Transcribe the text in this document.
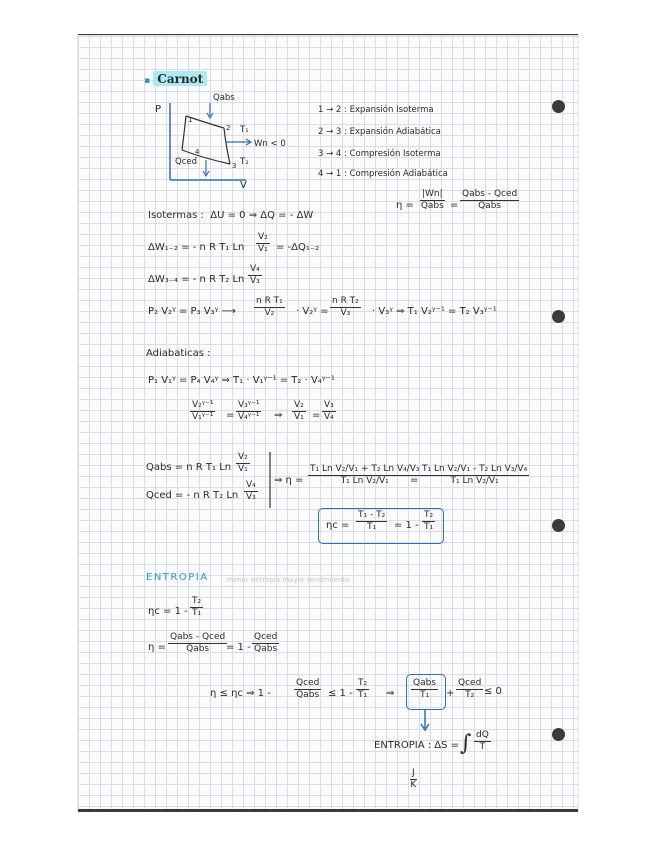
▪ Carnot
P
V
Qabs
Qced
T₁
T₂
Wn < 0
1
2
3
4
1 → 2 : Expansión Isoterma
2 → 3 : Expansión Adiabática
3 → 4 : Compresión Isoterma
4 → 1 : Compresión Adiabática
η =
|Wn|
Qabs =
Qabs - Qced
Qabs
Isotermas : ΔU = 0 ⇒ ΔQ = - ΔW
ΔW₁₋₂ = - n R T₁ Ln $\frac{\text{V₂}}{\text{V₁}} = -\Delta Q_{1-2}$
ΔW₃₋₄ = - n R T₂ Ln $\frac{\text{V₄}}{\text{V₃}}$
P₂ V₂ᵞ = P₃ V₃ᵞ ⟶ $\frac{\text{n R T₁}}{\text{V₂}}$ · V₂ᵞ = $\frac{\text{n R T₂}}{\text{V₃}}$ · V₃ᵞ ⇒ T₁ V₂ᵞ⁻¹ = T₂ V₃ᵞ⁻¹
Adiabaticas :
P₁ V₁ᵞ = P₄ V₄ᵞ ⇒ T₁ · V₁ᵞ⁻¹ = T₂ · V₄ᵞ⁻¹
$\frac{\text{V₂ᵞ⁻¹}}{\text{V₁ᵞ⁻¹}} = \frac{\text{V₃ᵞ⁻¹}}{\text{V₄ᵞ⁻¹}}$ ⇒ $\frac{\text{V₂}}{\text{V₁}} = \frac{\text{V₃}}{\text{V₄}}$
Qabs = n R T₁ Ln $\frac{\text{V₂}}{\text{V₁}}$
Qced = - n R T₂ Ln $\frac{\text{V₄}}{\text{V₃}}$ ⇒ $\eta = \frac{\text{T₁ Ln V₂/V₁ + T₂ Ln V₄/V₃}}{\text{T₁ Ln V₂/V₁}}$
= $\frac{\text{T₁ Ln V₂/V₁ - T₂ Ln V₃/V₄}}{\text{T₁ Ln V₂/V₁}}$
$\eta c = \frac{\text{T₁ - T₂}}{\text{T₁}} = 1 - \frac{\text{T₂}}{\text{T₁}}$
ENTROPIA menor entropía mayor rendimiento
$\eta c = 1 - \frac{\text{T₂}}{\text{T₁}}$
η =
Qabs - Qced
Qabs	= 1 -
Qced
Qabs
η ≤ ηc ⇒ 1 -
Qced
Qabs ≤ $1 - \frac{\text{T₂}}{\text{T₁}}$ ⇒
Qabs
T₁	+
Qced
T₂ ≤ 0
ENTROPIA : ΔS = ∫ $\frac{dQ}{T}$
$\frac{J}{K}$
